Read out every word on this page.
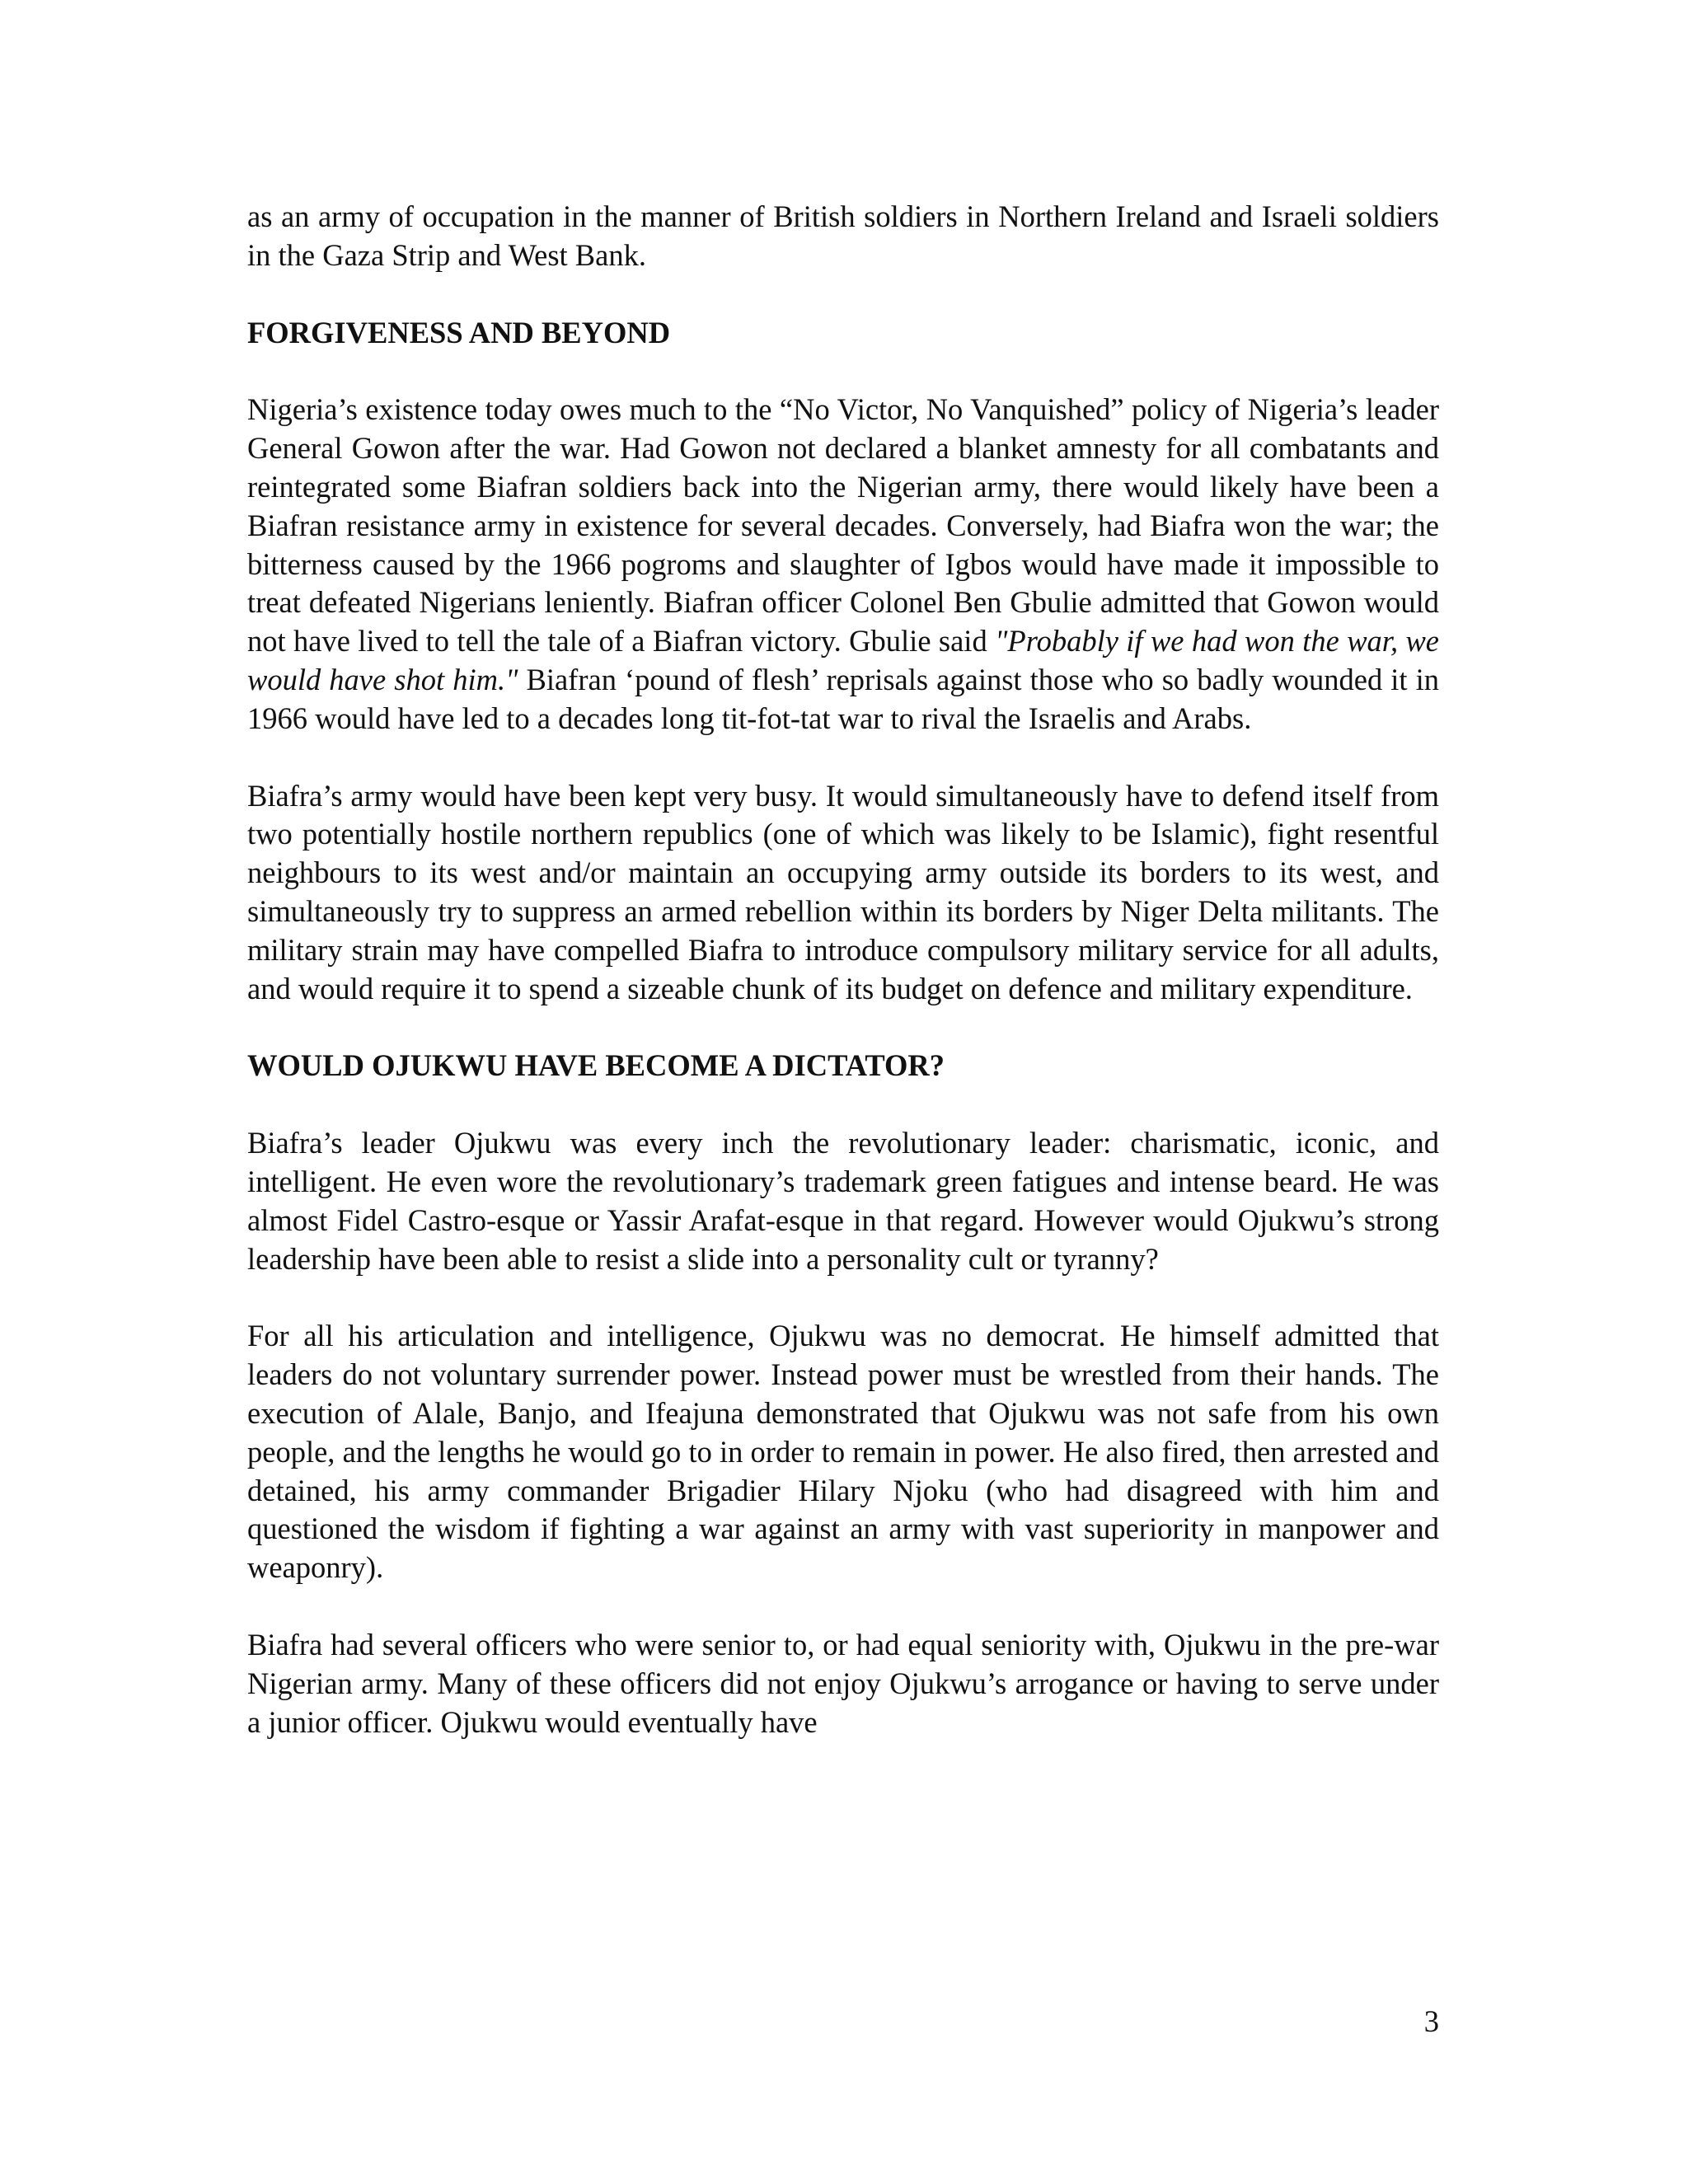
as an army of occupation in the manner of British soldiers in Northern Ireland and Israeli soldiers in the Gaza Strip and West Bank.

FORGIVENESS AND BEYOND

Nigeria’s existence today owes much to the “No Victor, No Vanquished” policy of Nigeria’s leader General Gowon after the war. Had Gowon not declared a blanket amnesty for all combatants and reintegrated some Biafran soldiers back into the Nigerian army, there would likely have been a Biafran resistance army in existence for several decades. Conversely, had Biafra won the war; the bitterness caused by the 1966 pogroms and slaughter of Igbos would have made it impossible to treat defeated Nigerians leniently. Biafran officer Colonel Ben Gbulie admitted that Gowon would not have lived to tell the tale of a Biafran victory. Gbulie said "Probably if we had won the war, we would have shot him." Biafran ‘pound of flesh’ reprisals against those who so badly wounded it in 1966 would have led to a decades long tit-fot-tat war to rival the Israelis and Arabs.

Biafra’s army would have been kept very busy. It would simultaneously have to defend itself from two potentially hostile northern republics (one of which was likely to be Islamic), fight resentful neighbours to its west and/or maintain an occupying army outside its borders to its west, and simultaneously try to suppress an armed rebellion within its borders by Niger Delta militants. The military strain may have compelled Biafra to introduce compulsory military service for all adults, and would require it to spend a sizeable chunk of its budget on defence and military expenditure.

WOULD OJUKWU HAVE BECOME A DICTATOR?

Biafra’s leader Ojukwu was every inch the revolutionary leader: charismatic, iconic, and intelligent. He even wore the revolutionary’s trademark green fatigues and intense beard. He was almost Fidel Castro-esque or Yassir Arafat-esque in that regard. However would Ojukwu’s strong leadership have been able to resist a slide into a personality cult or tyranny?

For all his articulation and intelligence, Ojukwu was no democrat. He himself admitted that leaders do not voluntary surrender power. Instead power must be wrestled from their hands. The execution of Alale, Banjo, and Ifeajuna demonstrated that Ojukwu was not safe from his own people, and the lengths he would go to in order to remain in power. He also fired, then arrested and detained, his army commander Brigadier Hilary Njoku (who had disagreed with him and questioned the wisdom if fighting a war against an army with vast superiority in manpower and weaponry).

Biafra had several officers who were senior to, or had equal seniority with, Ojukwu in the pre-war Nigerian army. Many of these officers did not enjoy Ojukwu’s arrogance or having to serve under a junior officer. Ojukwu would eventually have

3
